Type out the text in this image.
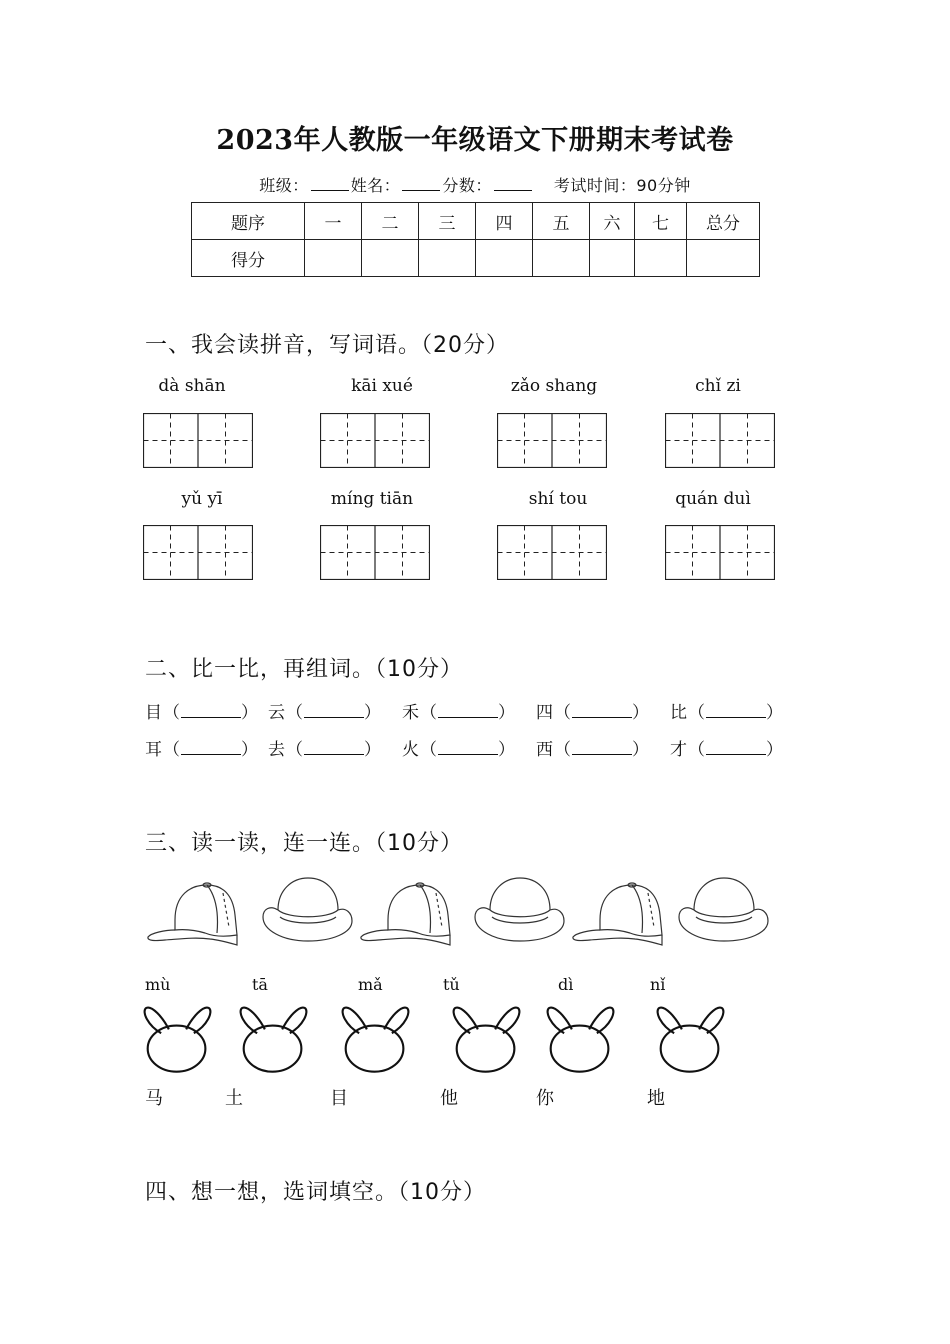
2023年人教版一年级语文下册期末考试卷
班级：	姓名：	分数：	考试时间：90分钟
题序	一	二	三	四	五	六	七	总分
得分								
一、我会读拼音，写词语。（20分）
dà shān	kāi xué	zǎo shang	chǐ zi
yǔ yī	míng tiān	shí tou	quán duì
二、比一比，再组词。（10分）
目（	） 云（	） 禾（	） 四（	） 比（	）
耳（	） 去（	） 火（	） 西（	） 才（	）
三、读一读，连一连。（10分）
mù	tā	mǎ	tǔ	dì	nǐ
马	土	目	他	你	地
四、想一想，选词填空。（10分）
